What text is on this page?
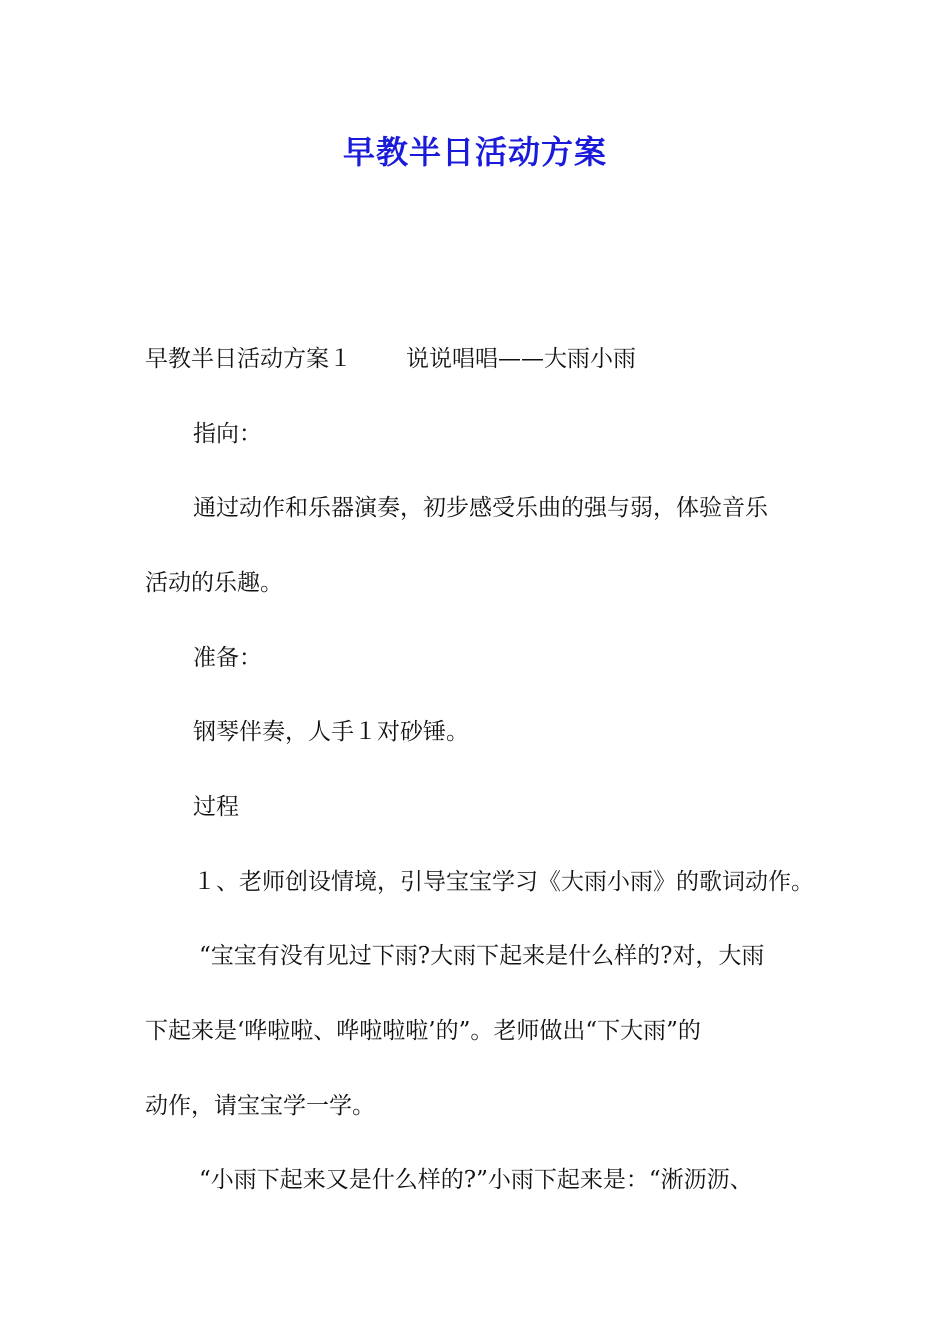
早教半日活动方案
早教半日活动方案１ 说说唱唱——大雨小雨
指向：
通过动作和乐器演奏，初步感受乐曲的强与弱，体验音乐
活动的乐趣。
准备：
钢琴伴奏，人手１对砂锤。
过程
１、老师创设情境，引导宝宝学习《大雨小雨》的歌词动作。
“宝宝有没有见过下雨?大雨下起来是什么样的?对，大雨
下起来是‘哗啦啦、哗啦啦啦’的”。老师做出“下大雨”的
动作，请宝宝学一学。
“小雨下起来又是什么样的?”小雨下起来是：“淅沥沥、
